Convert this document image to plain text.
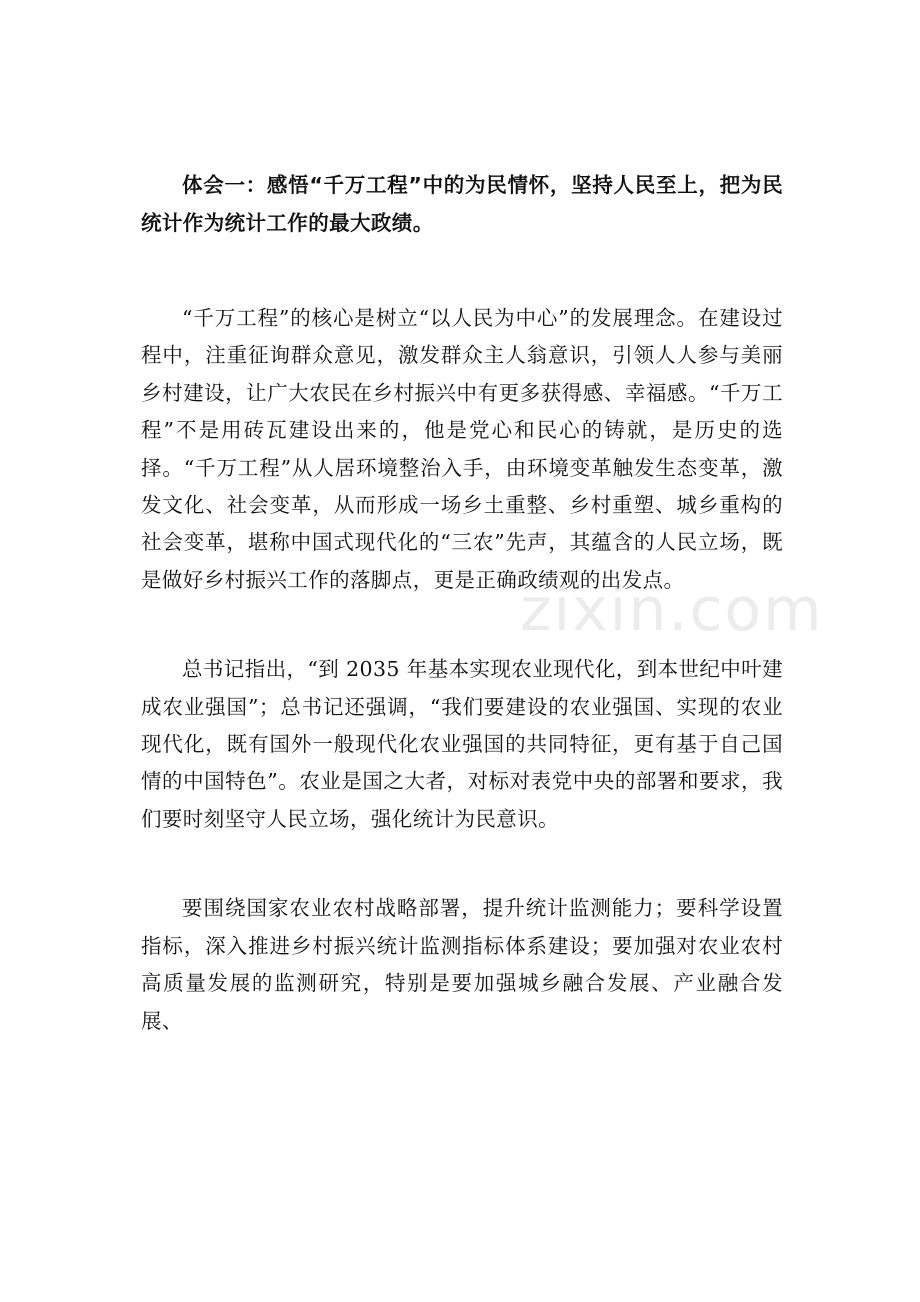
体会一：感悟“千万工程”中的为民情怀，坚持人民至上，把为民统计作为统计工作的最大政绩。

“千万工程”的核心是树立“以人民为中心”的发展理念。在建设过程中，注重征询群众意见，激发群众主人翁意识，引领人人参与美丽乡村建设，让广大农民在乡村振兴中有更多获得感、幸福感。“千万工程”不是用砖瓦建设出来的，他是党心和民心的铸就，是历史的选择。“千万工程”从人居环境整治入手，由环境变革触发生态变革，激发文化、社会变革，从而形成一场乡土重整、乡村重塑、城乡重构的社会变革，堪称中国式现代化的“三农”先声，其蕴含的人民立场，既是做好乡村振兴工作的落脚点，更是正确政绩观的出发点。

总书记指出，“到 2035 年基本实现农业现代化，到本世纪中叶建成农业强国”；总书记还强调，“我们要建设的农业强国、实现的农业现代化，既有国外一般现代化农业强国的共同特征，更有基于自己国情的中国特色”。农业是国之大者，对标对表党中央的部署和要求，我们要时刻坚守人民立场，强化统计为民意识。

要围绕国家农业农村战略部署，提升统计监测能力；要科学设置指标，深入推进乡村振兴统计监测指标体系建设；要加强对农业农村高质量发展的监测研究，特别是要加强城乡融合发展、产业融合发展、

zixin.com
